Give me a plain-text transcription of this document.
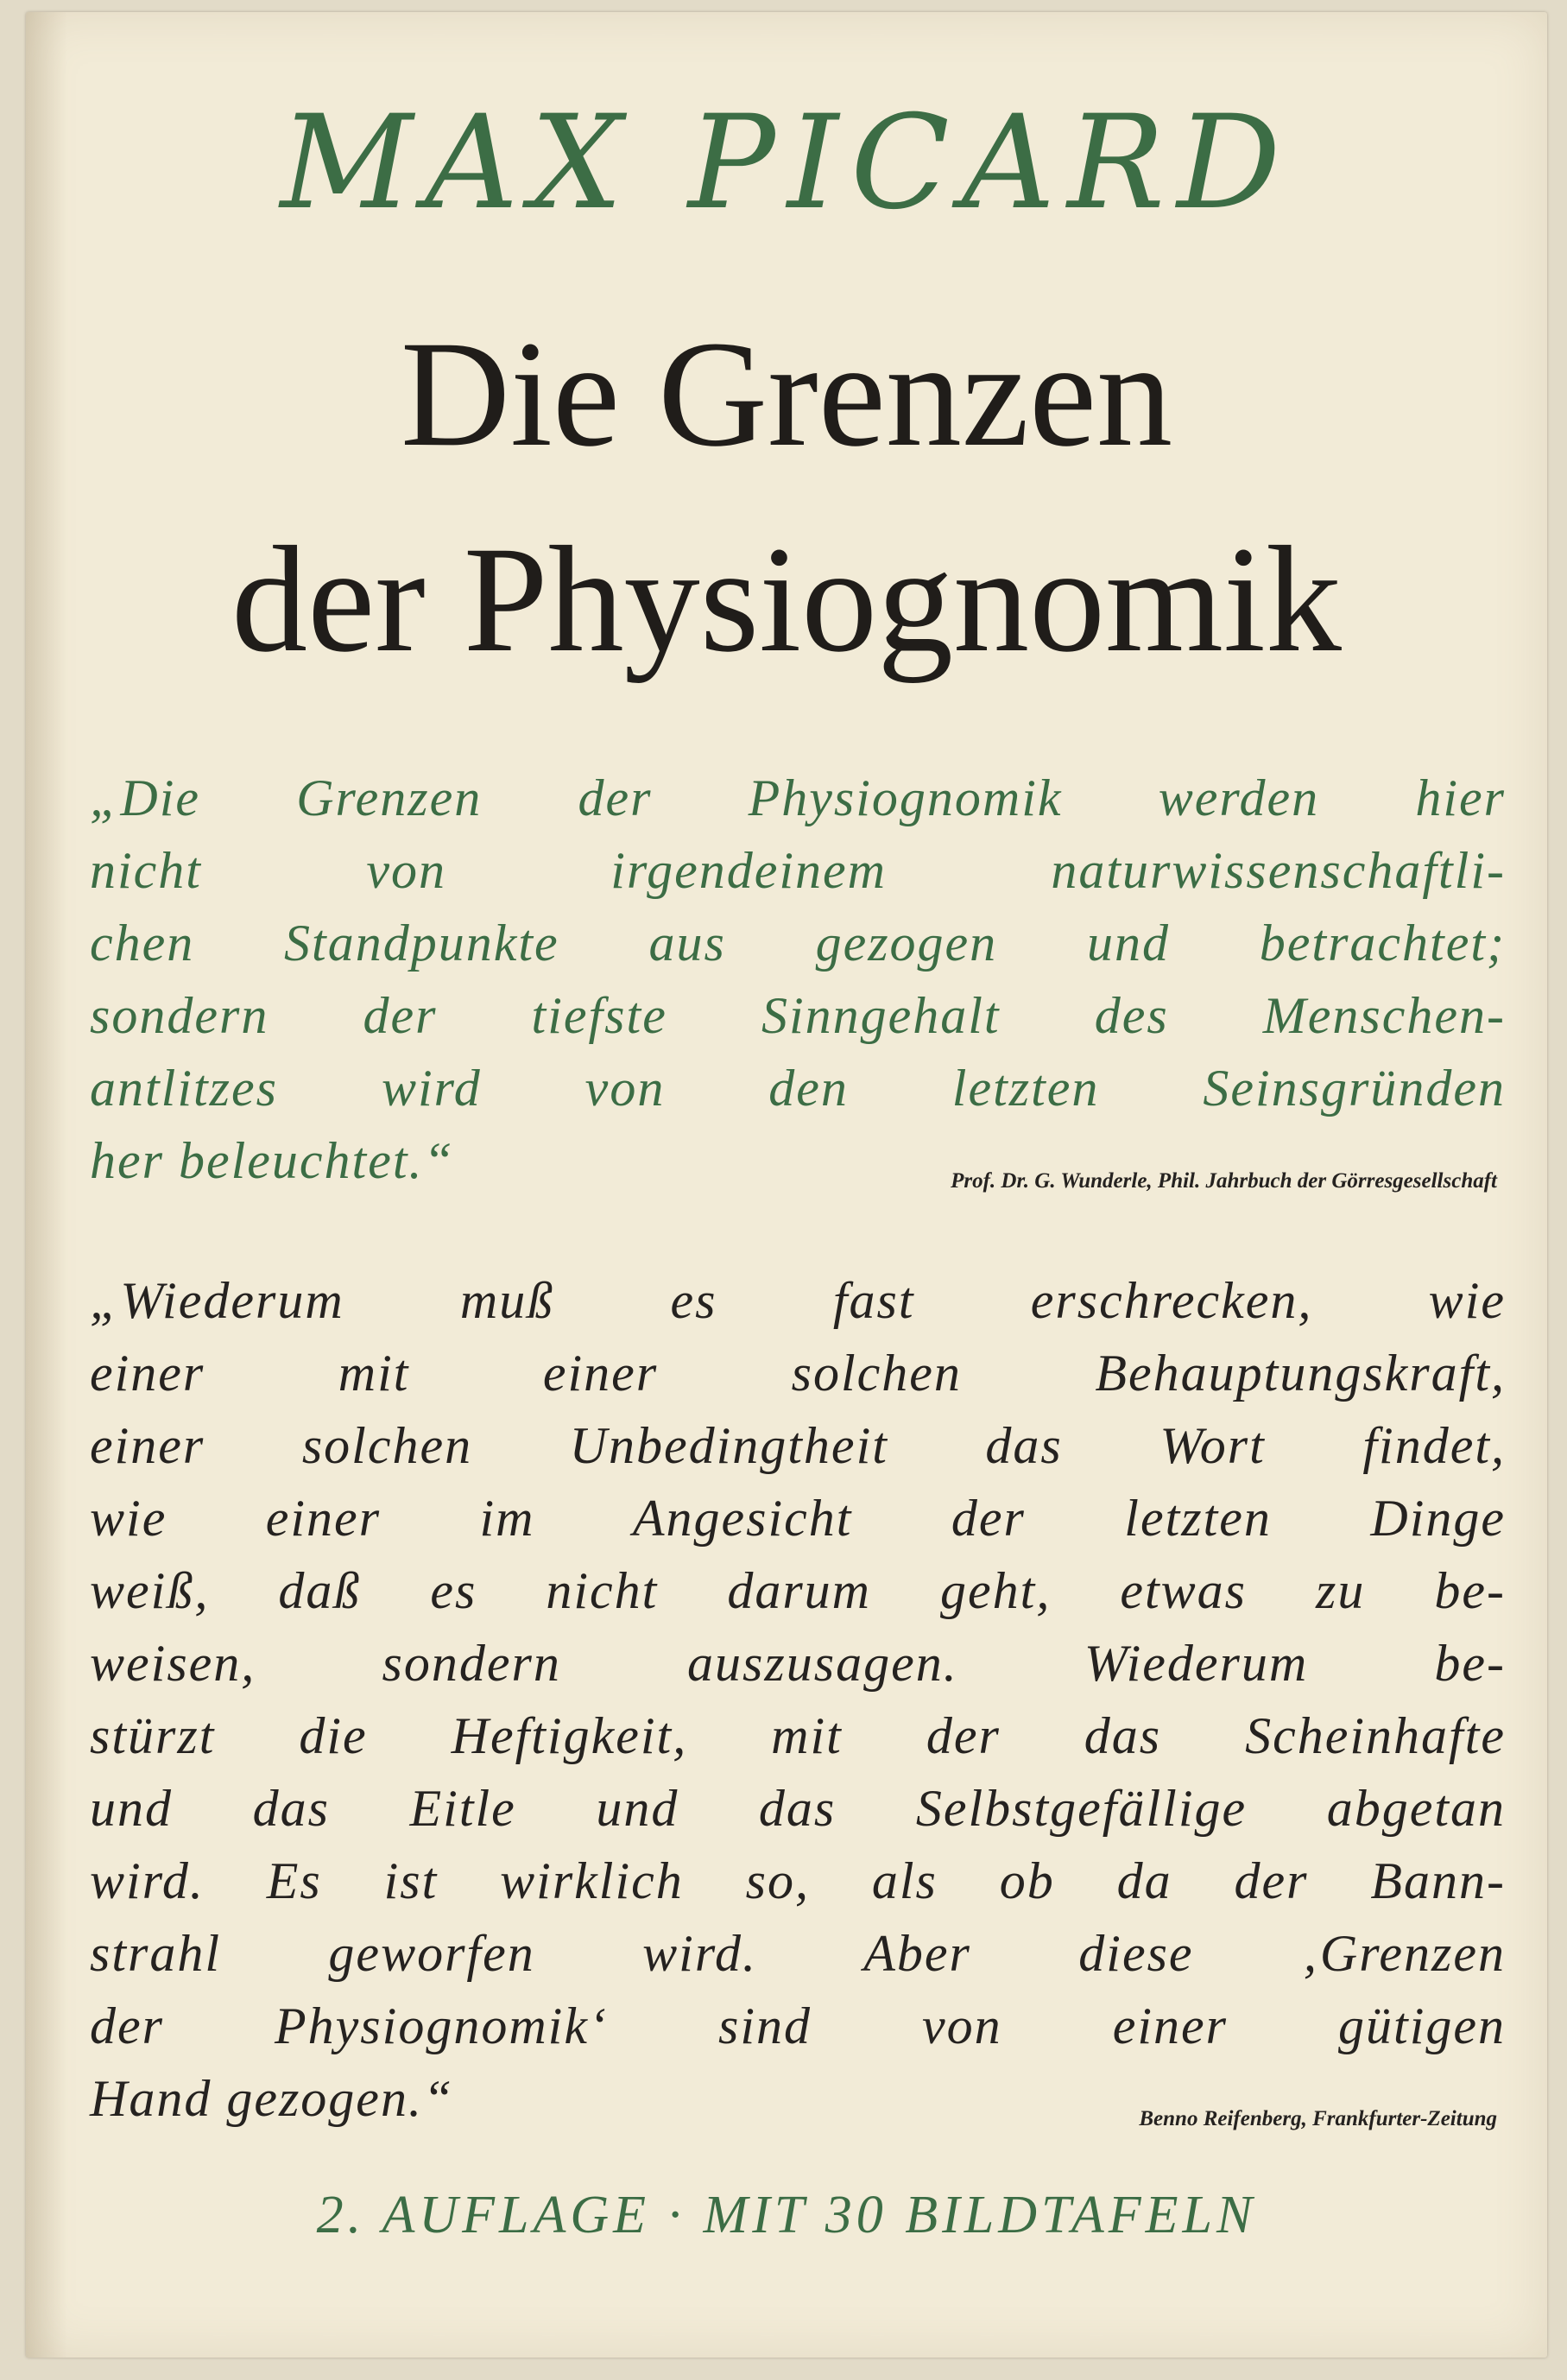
MAX PICARD
Die Grenzen
der Physiognomik
„Die Grenzen der Physiognomik werden hier
nicht von irgendeinem naturwissenschaftli-
chen Standpunkte aus gezogen und betrachtet;
sondern der tiefste Sinngehalt des Menschen-
antlitzes wird von den letzten Seinsgründen
her beleuchtet.“	Prof. Dr. G. Wunderle, Phil. Jahrbuch der Görresgesellschaft
„Wiederum muß es fast erschrecken, wie
einer mit einer solchen Behauptungskraft,
einer solchen Unbedingtheit das Wort findet,
wie einer im Angesicht der letzten Dinge
weiß, daß es nicht darum geht, etwas zu be-
weisen, sondern auszusagen. Wiederum be-
stürzt die Heftigkeit, mit der das Scheinhafte
und das Eitle und das Selbstgefällige abgetan
wird. Es ist wirklich so, als ob da der Bann-
strahl geworfen wird. Aber diese ‚Grenzen
der Physiognomik‘ sind von einer gütigen
Hand gezogen.“	Benno Reifenberg, Frankfurter-Zeitung
2. AUFLAGE · MIT 30 BILDTAFELN
